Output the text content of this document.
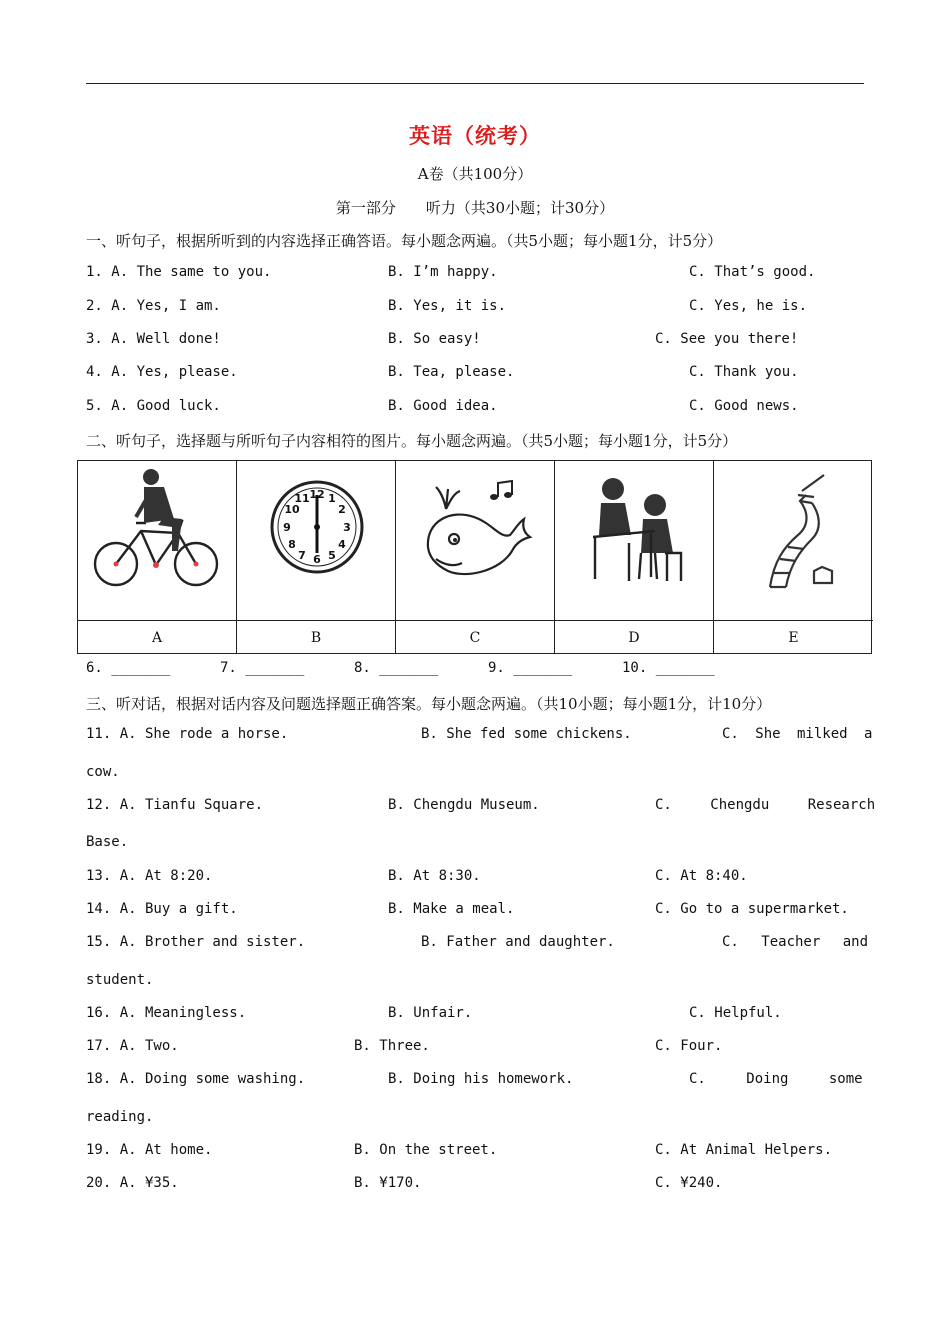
英语（统考）
A卷（共100分）
第一部分　　听力（共30小题；计30分）
一、听句子，根据所听到的内容选择正确答语。每小题念两遍。（共5小题；每小题1分，计5分）
1. A. The same to you.	B. I’m happy.	C. That’s good.
2. A. Yes, I am.	B. Yes, it is.	C. Yes, he is.
3. A. Well done!	B. So easy!	C. See you there!
4. A. Yes, please.	B. Tea, please.	C. Thank you.
5. A. Good luck.	B. Good idea.	C. Good news.
二、听句子，选择题与所听句子内容相符的图片。每小题念两遍。（共5小题；每小题1分，计5分）
12 1
2
3
4
5
6
7
8
9
10
11
A	B	C	D	E
6. _______	7. _______	8. _______	9. _______	10. _______
三、听对话，根据对话内容及问题选择题正确答案。每小题念两遍。（共10小题；每小题1分，计10分）
11. A. She rode a horse.	B. She fed some chickens.	C. She milked a
cow.
12. A. Tianfu Square.	B. Chengdu Museum.	C. Chengdu Research
Base.
13. A. At 8:20.	B. At 8:30.	C. At 8:40.
14. A. Buy a gift.	B. Make a meal.	C. Go to a supermarket.
15. A. Brother and sister.	B. Father and daughter.	C. Teacher and
student.
16. A. Meaningless.	B. Unfair.	C. Helpful.
17. A. Two.	B. Three.	C. Four.
18. A. Doing some washing.	B. Doing his homework.	C. Doing some
reading.
19. A. At home.	B. On the street.	C. At Animal Helpers.
20. A. ¥35.	B. ¥170.	C. ¥240.
